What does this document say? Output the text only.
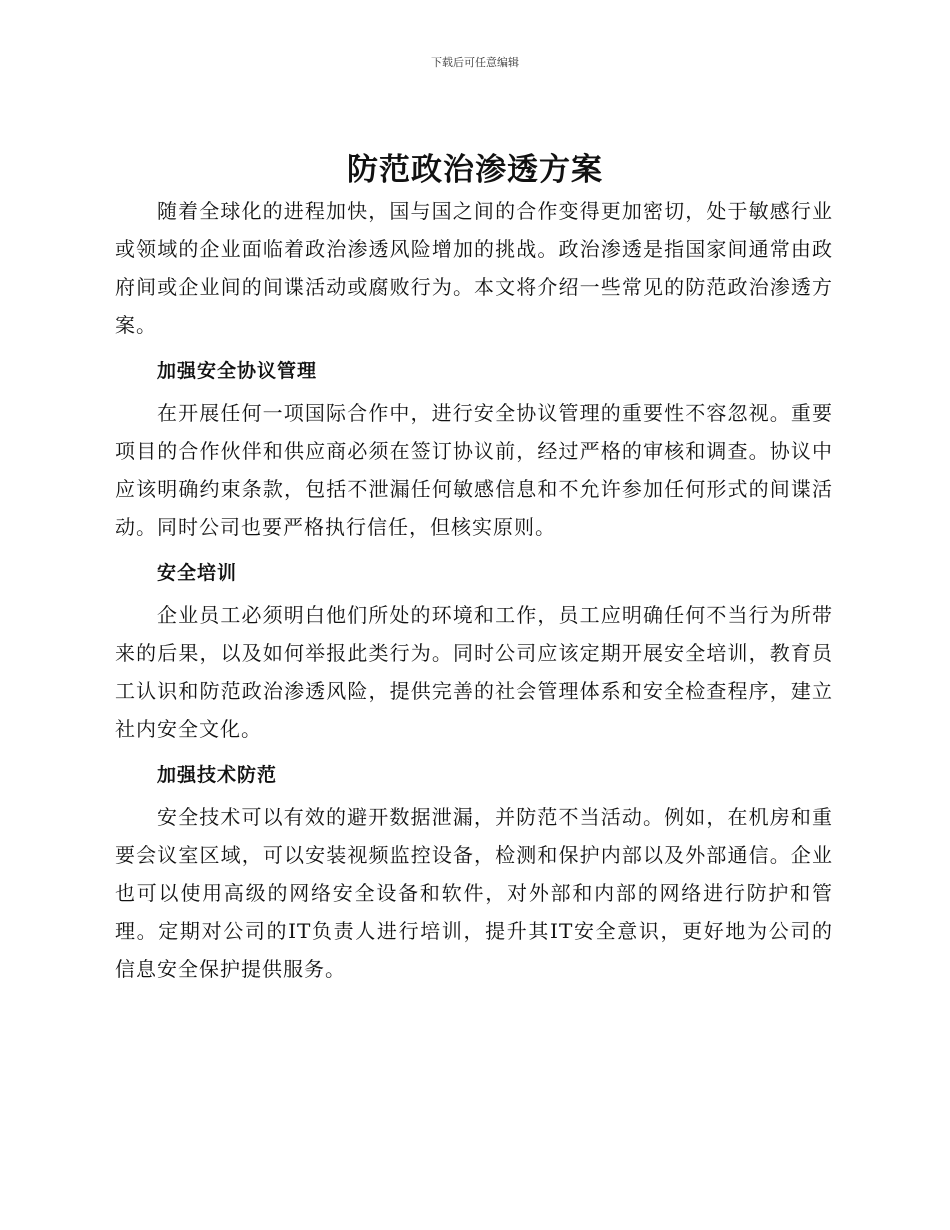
下载后可任意编辑
防范政治渗透方案

随着全球化的进程加快，国与国之间的合作变得更加密切，处于敏感行业或领域的企业面临着政治渗透风险增加的挑战。政治渗透是指国家间通常由政府间或企业间的间谍活动或腐败行为。本文将介绍一些常见的防范政治渗透方案。

加强安全协议管理

在开展任何一项国际合作中，进行安全协议管理的重要性不容忽视。重要项目的合作伙伴和供应商必须在签订协议前，经过严格的审核和调查。协议中应该明确约束条款，包括不泄漏任何敏感信息和不允许参加任何形式的间谍活动。同时公司也要严格执行信任，但核实原则。

安全培训

企业员工必须明白他们所处的环境和工作，员工应明确任何不当行为所带来的后果，以及如何举报此类行为。同时公司应该定期开展安全培训，教育员工认识和防范政治渗透风险，提供完善的社会管理体系和安全检查程序，建立社内安全文化。

加强技术防范

安全技术可以有效的避开数据泄漏，并防范不当活动。例如，在机房和重要会议室区域，可以安装视频监控设备，检测和保护内部以及外部通信。企业也可以使用高级的网络安全设备和软件，对外部和内部的网络进行防护和管理。定期对公司的IT负责人进行培训，提升其IT安全意识，更好地为公司的信息安全保护提供服务。
